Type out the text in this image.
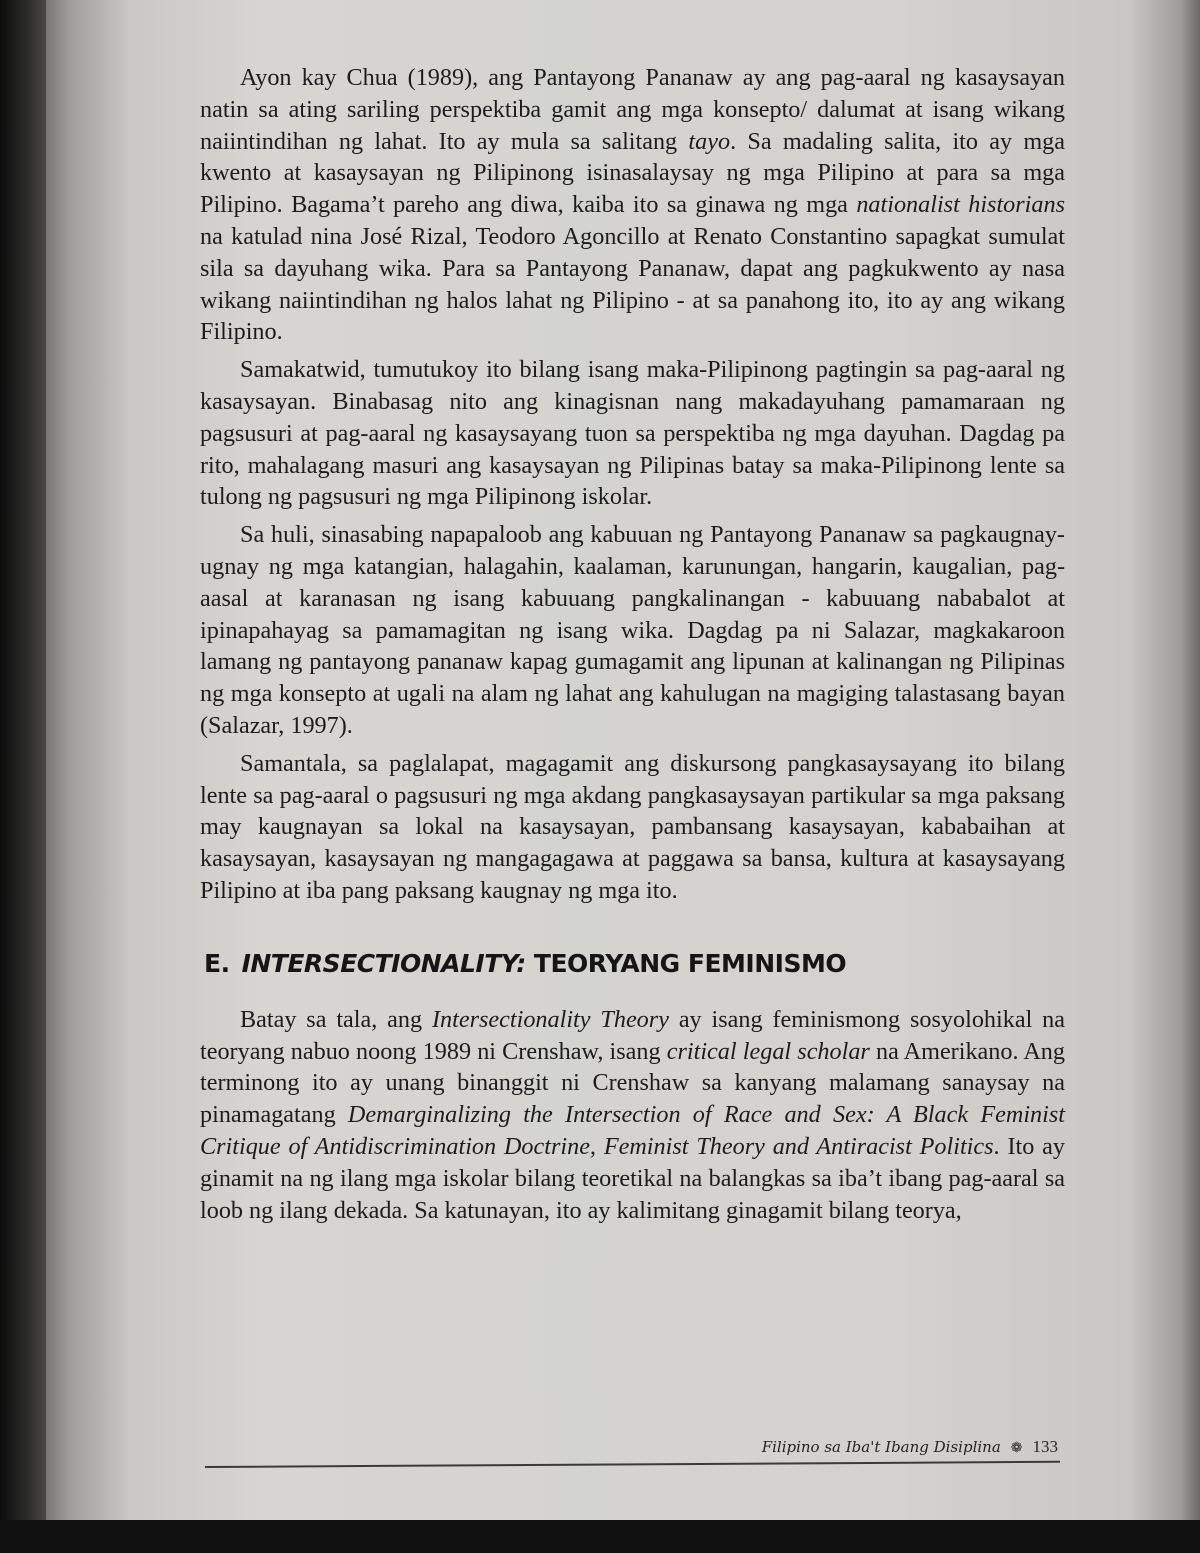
Ayon kay Chua (1989), ang Pantayong Pananaw ay ang pag-aaral ng kasaysayan natin sa ating sariling perspektiba gamit ang mga konsepto/ dalumat at isang wikang naiintindihan ng lahat. Ito ay mula sa salitang tayo. Sa madaling salita, ito ay mga kwento at kasaysayan ng Pilipinong isinasalaysay ng mga Pilipino at para sa mga Pilipino. Bagama’t pareho ang diwa, kaiba ito sa ginawa ng mga nationalist historians na katulad nina José Rizal, Teodoro Agoncillo at Renato Constantino sapagkat sumulat sila sa dayuhang wika. Para sa Pantayong Pananaw, dapat ang pagkukwento ay nasa wikang naiintindihan ng halos lahat ng Pilipino - at sa panahong ito, ito ay ang wikang Filipino.

Samakatwid, tumutukoy ito bilang isang maka-Pilipinong pagtingin sa pag-aaral ng kasaysayan. Binabasag nito ang kinagisnan nang makadayuhang pamamaraan ng pagsusuri at pag-aaral ng kasaysayang tuon sa perspektiba ng mga dayuhan. Dagdag pa rito, mahalagang masuri ang kasaysayan ng Pilipinas batay sa maka-Pilipinong lente sa tulong ng pagsusuri ng mga Pilipinong iskolar.

Sa huli, sinasabing napapaloob ang kabuuan ng Pantayong Pananaw sa pagkaugnay-ugnay ng mga katangian, halagahin, kaalaman, karunungan, hangarin, kaugalian, pag-aasal at karanasan ng isang kabuuang pangkalinangan - kabuuang nababalot at ipinapahayag sa pamamagitan ng isang wika. Dagdag pa ni Salazar, magkakaroon lamang ng pantayong pananaw kapag gumagamit ang lipunan at kalinangan ng Pilipinas ng mga konsepto at ugali na alam ng lahat ang kahulugan na magiging talastasang bayan (Salazar, 1997).

Samantala, sa paglalapat, magagamit ang diskursong pangkasaysayang ito bilang lente sa pag-aaral o pagsusuri ng mga akdang pangkasaysayan partikular sa mga paksang may kaugnayan sa lokal na kasaysayan, pambansang kasaysayan, kababaihan at kasaysayan, kasaysayan ng mangagagawa at paggawa sa bansa, kultura at kasaysayang Pilipino at iba pang paksang kaugnay ng mga ito.

E. INTERSECTIONALITY: TEORYANG FEMINISMO

Batay sa tala, ang Intersectionality Theory ay isang feminismong sosyolohikal na teoryang nabuo noong 1989 ni Crenshaw, isang critical legal scholar na Amerikano. Ang terminong ito ay unang binanggit ni Crenshaw sa kanyang malamang sanaysay na pinamagatang Demarginalizing the Intersection of Race and Sex: A Black Feminist Critique of Antidiscrimination Doctrine, Feminist Theory and Antiracist Politics. Ito ay ginamit na ng ilang mga iskolar bilang teoretikal na balangkas sa iba’t ibang pag-aaral sa loob ng ilang dekada. Sa katunayan, ito ay kalimitang ginagamit bilang teorya,

Filipino sa Iba't Ibang Disiplina ❁ 133
